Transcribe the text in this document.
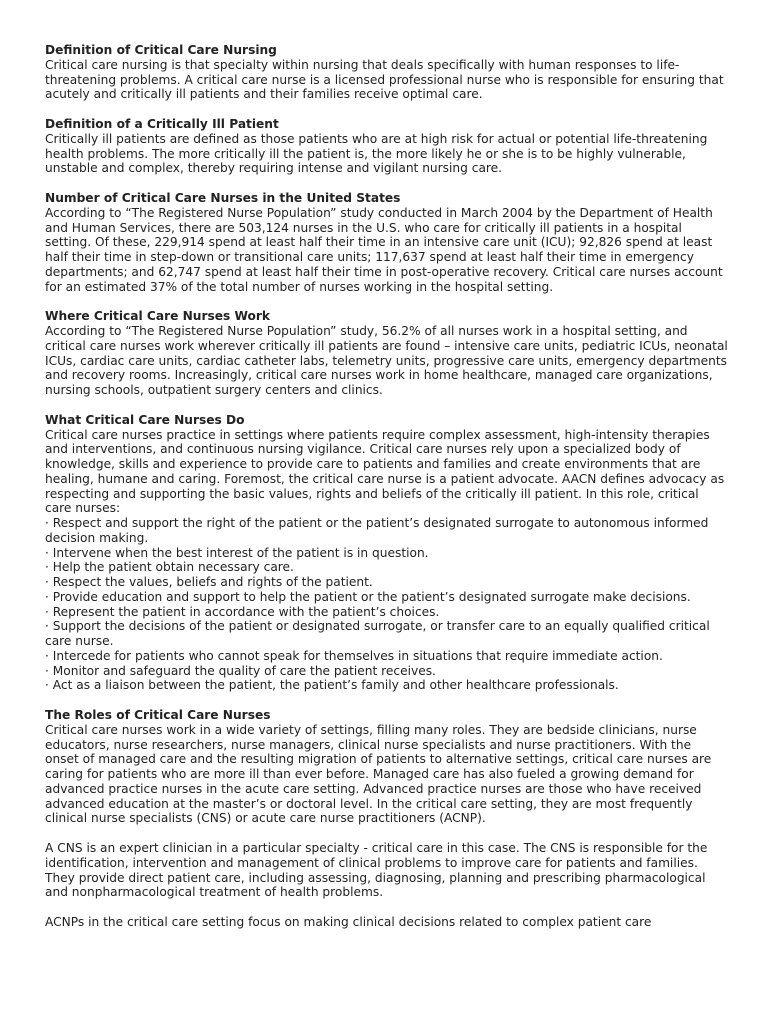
Definition of Critical Care Nursing

Critical care nursing is that specialty within nursing that deals specifically with human responses to life-threatening problems. A critical care nurse is a licensed professional nurse who is responsible for ensuring that acutely and critically ill patients and their families receive optimal care.

Definition of a Critically Ill Patient

Critically ill patients are defined as those patients who are at high risk for actual or potential life-threatening health problems. The more critically ill the patient is, the more likely he or she is to be highly vulnerable, unstable and complex, thereby requiring intense and vigilant nursing care.

Number of Critical Care Nurses in the United States

According to “The Registered Nurse Population” study conducted in March 2004 by the Department of Health and Human Services, there are 503,124 nurses in the U.S. who care for critically ill patients in a hospital setting. Of these, 229,914 spend at least half their time in an intensive care unit (ICU); 92,826 spend at least half their time in step-down or transitional care units; 117,637 spend at least half their time in emergency departments; and 62,747 spend at least half their time in post-operative recovery. Critical care nurses account for an estimated 37% of the total number of nurses working in the hospital setting.

Where Critical Care Nurses Work

According to “The Registered Nurse Population” study, 56.2% of all nurses work in a hospital setting, and critical care nurses work wherever critically ill patients are found – intensive care units, pediatric ICUs, neonatal ICUs, cardiac care units, cardiac catheter labs, telemetry units, progressive care units, emergency departments and recovery rooms. Increasingly, critical care nurses work in home healthcare, managed care organizations, nursing schools, outpatient surgery centers and clinics.

What Critical Care Nurses Do

Critical care nurses practice in settings where patients require complex assessment, high-intensity therapies and interventions, and continuous nursing vigilance. Critical care nurses rely upon a specialized body of knowledge, skills and experience to provide care to patients and families and create environments that are healing, humane and caring. Foremost, the critical care nurse is a patient advocate. AACN defines advocacy as respecting and supporting the basic values, rights and beliefs of the critically ill patient. In this role, critical care nurses:

· Respect and support the right of the patient or the patient’s designated surrogate to autonomous informed decision making.
· Intervene when the best interest of the patient is in question.
· Help the patient obtain necessary care.
· Respect the values, beliefs and rights of the patient.
· Provide education and support to help the patient or the patient’s designated surrogate make decisions.
· Represent the patient in accordance with the patient’s choices.
· Support the decisions of the patient or designated surrogate, or transfer care to an equally qualified critical care nurse.
· Intercede for patients who cannot speak for themselves in situations that require immediate action.
· Monitor and safeguard the quality of care the patient receives.
· Act as a liaison between the patient, the patient’s family and other healthcare professionals.

The Roles of Critical Care Nurses

Critical care nurses work in a wide variety of settings, filling many roles. They are bedside clinicians, nurse educators, nurse researchers, nurse managers, clinical nurse specialists and nurse practitioners. With the onset of managed care and the resulting migration of patients to alternative settings, critical care nurses are caring for patients who are more ill than ever before. Managed care has also fueled a growing demand for advanced practice nurses in the acute care setting. Advanced practice nurses are those who have received advanced education at the master’s or doctoral level. In the critical care setting, they are most frequently clinical nurse specialists (CNS) or acute care nurse practitioners (ACNP).

A CNS is an expert clinician in a particular specialty - critical care in this case. The CNS is responsible for the identification, intervention and management of clinical problems to improve care for patients and families. They provide direct patient care, including assessing, diagnosing, planning and prescribing pharmacological and nonpharmacological treatment of health problems.

ACNPs in the critical care setting focus on making clinical decisions related to complex patient care
